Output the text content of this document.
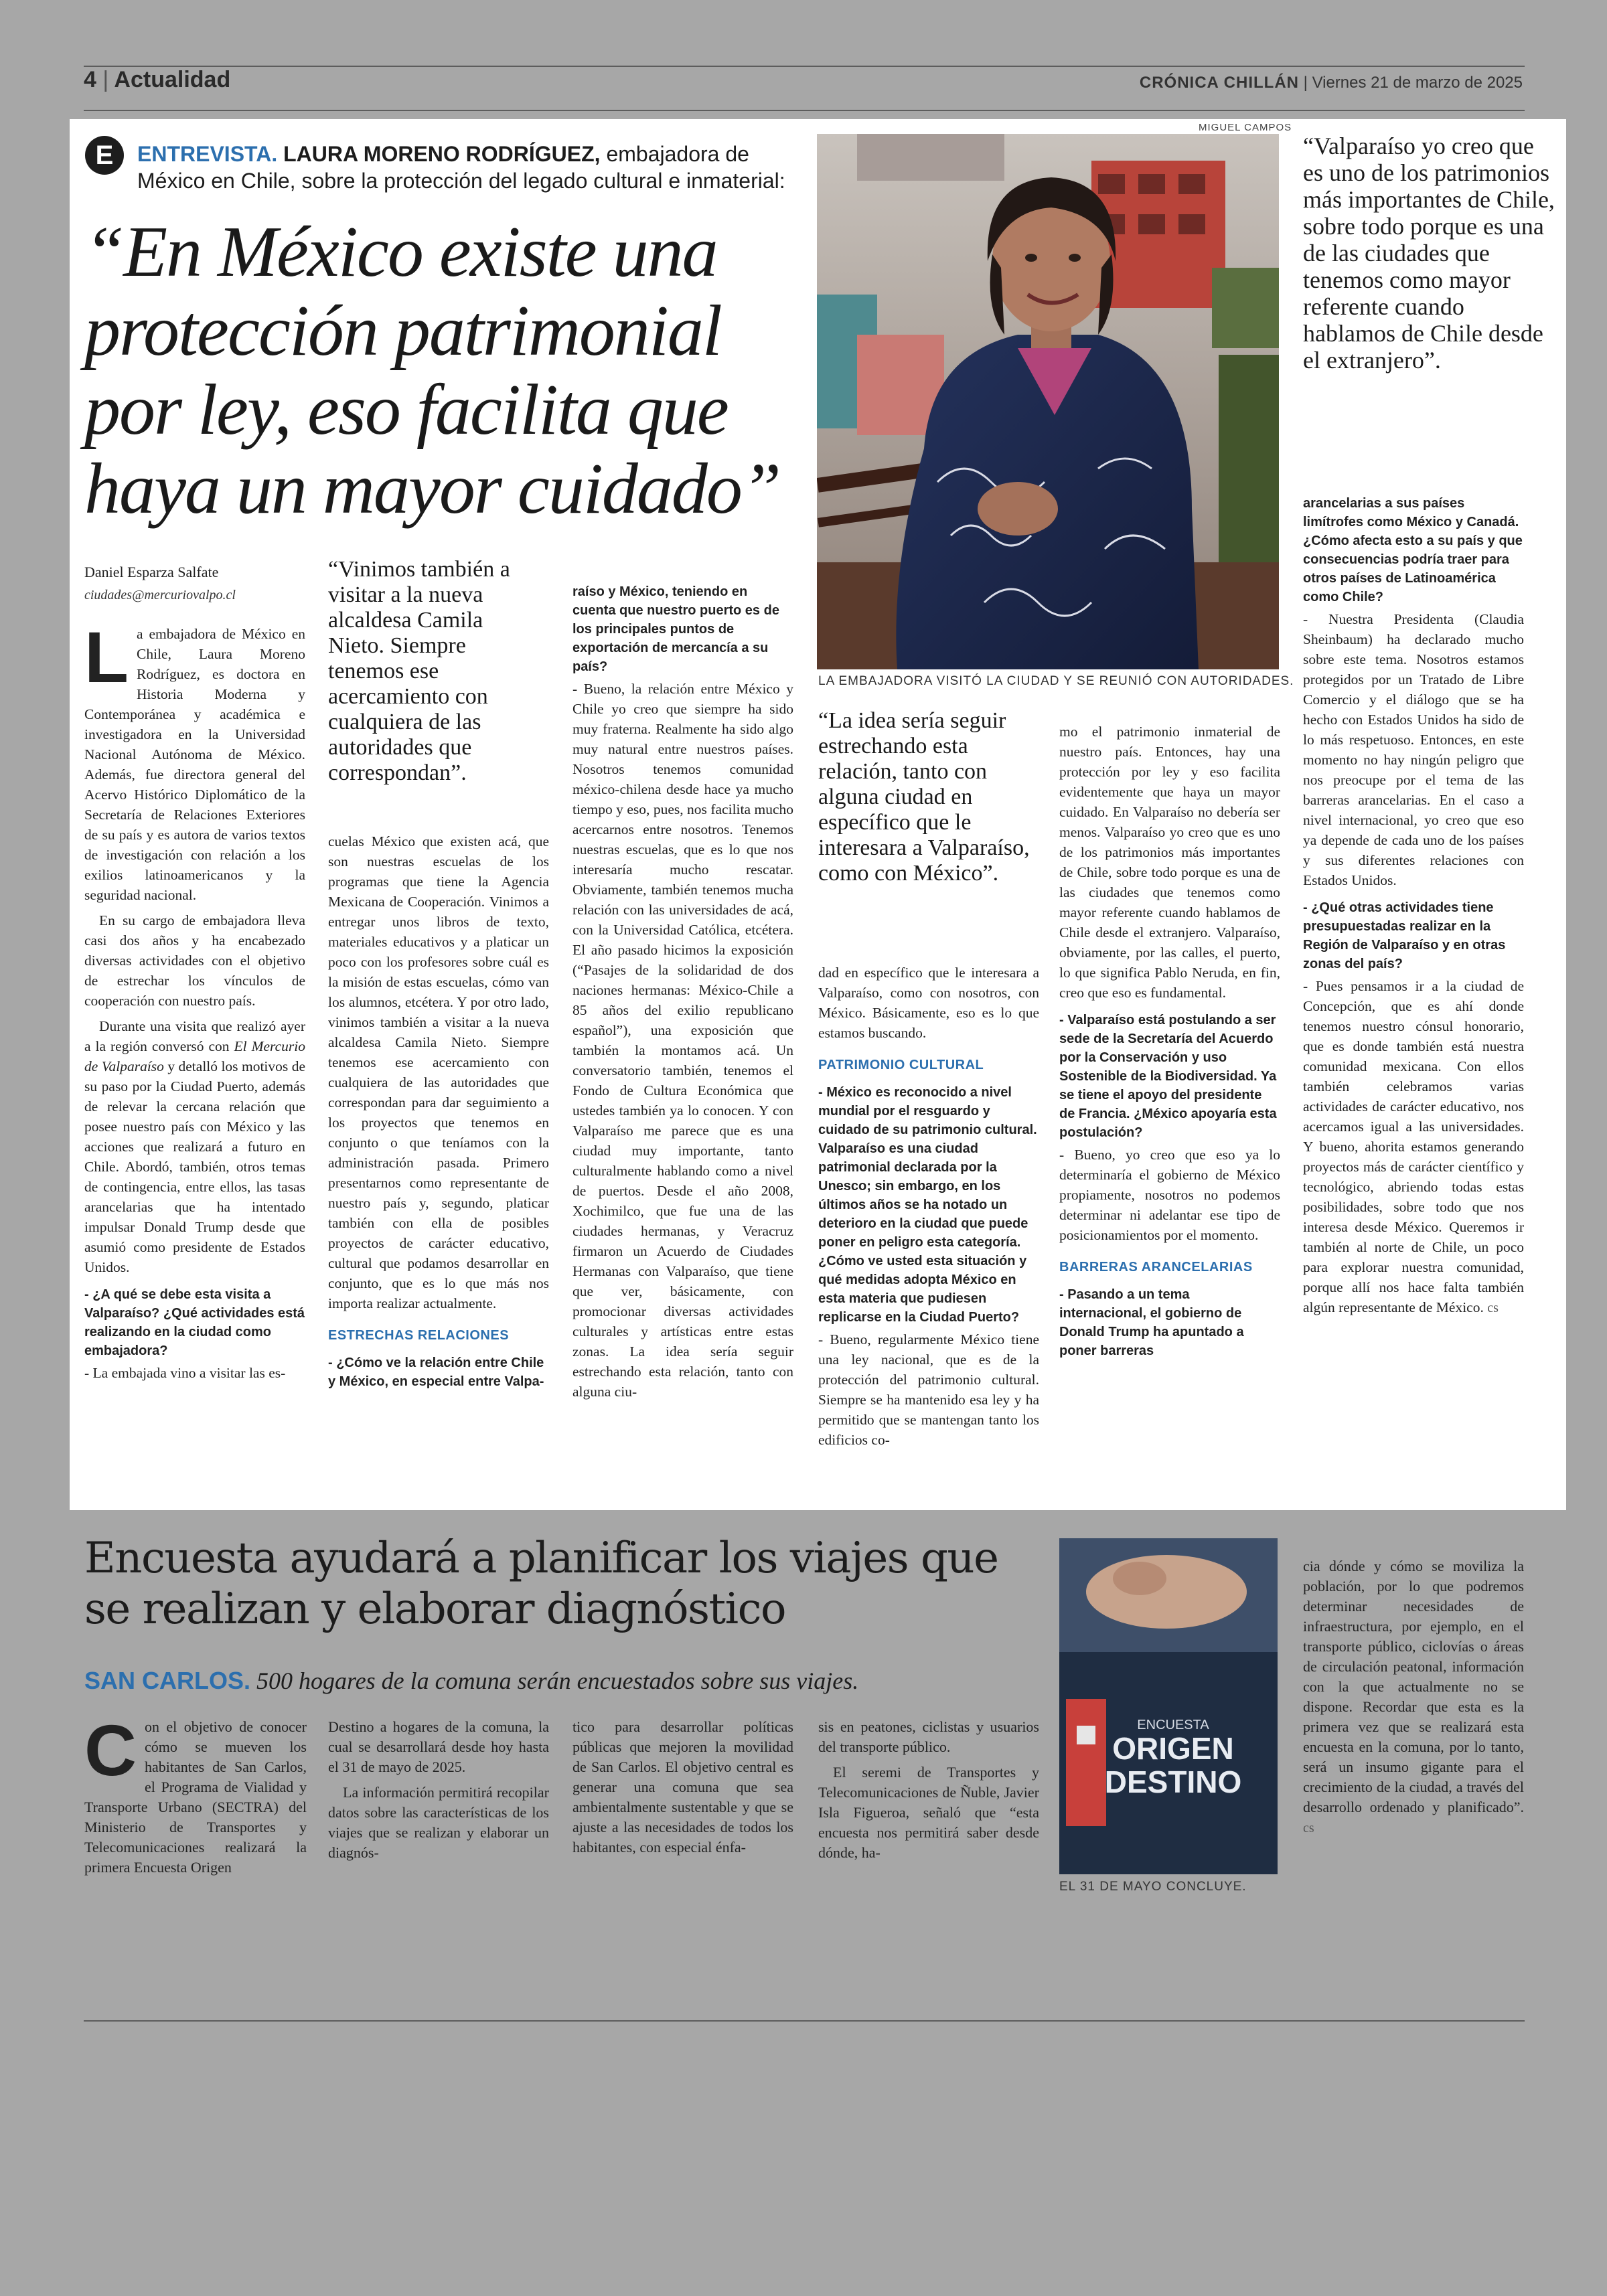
4 | Actualidad	CRÓNICA CHILLÁN | Viernes 21 de marzo de 2025
E	ENTREVISTA. LAURA MORENO RODRÍGUEZ, embajadora de México en Chile, sobre la protección del legado cultural e inmaterial:
“En México existe una protección patrimonial por ley, eso facilita que haya un mayor cuidado”
MIGUEL CAMPOS
LA EMBAJADORA VISITÓ LA CIUDAD Y SE REUNIÓ CON AUTORIDADES.
“Valparaíso yo creo que es uno de los patrimonios más importantes de Chile, sobre todo porque es una de las ciudades que tenemos como mayor referente cuando hablamos de Chile desde el extranjero”.
Daniel Esparza Salfate
ciudades@mercuriovalpo.cl

La embajadora de México en Chile, Laura Moreno Rodríguez, es doctora en Historia Moderna y Contemporánea y académica e investigadora en la Universidad Nacional Autónoma de México. Además, fue directora general del Acervo Histórico Diplomático de la Secretaría de Relaciones Exteriores de su país y es autora de varios textos de investigación con relación a los exilios latinoamericanos y la seguridad nacional.

En su cargo de embajadora lleva casi dos años y ha encabezado diversas actividades con el objetivo de estrechar los vínculos de cooperación con nuestro país.

Durante una visita que realizó ayer a la región conversó con El Mercurio de Valparaíso y detalló los motivos de su paso por la Ciudad Puerto, además de relevar la cercana relación que posee nuestro país con México y las acciones que realizará a futuro en Chile. Abordó, también, otros temas de contingencia, entre ellos, las tasas arancelarias que ha intentado impulsar Donald Trump desde que asumió como presidente de Estados Unidos.

- ¿A qué se debe esta visita a Valparaíso? ¿Qué actividades está realizando en la ciudad como embajadora?

- La embajada vino a visitar las es-

“Vinimos también a visitar a la nueva alcaldesa Camila Nieto. Siempre tenemos ese acercamiento con cualquiera de las autoridades que correspondan”.

cuelas México que existen acá, que son nuestras escuelas de los programas que tiene la Agencia Mexicana de Cooperación. Vinimos a entregar unos libros de texto, materiales educativos y a platicar un poco con los profesores sobre cuál es la misión de estas escuelas, cómo van los alumnos, etcétera. Y por otro lado, vinimos también a visitar a la nueva alcaldesa Camila Nieto. Siempre tenemos ese acercamiento con cualquiera de las autoridades que correspondan para dar seguimiento a los proyectos que tenemos en conjunto o que teníamos con la administración pasada. Primero presentarnos como representante de nuestro país y, segundo, platicar también con ella de posibles proyectos de carácter educativo, cultural que podamos desarrollar en conjunto, que es lo que más nos importa realizar actualmente.

ESTRECHAS RELACIONES

- ¿Cómo ve la relación entre Chile y México, en especial entre Valpa-

raíso y México, teniendo en cuenta que nuestro puerto es de los principales puntos de exportación de mercancía a su país?

- Bueno, la relación entre México y Chile yo creo que siempre ha sido muy fraterna. Realmente ha sido algo muy natural entre nuestros países. Nosotros tenemos comunidad méxico-chilena desde hace ya mucho tiempo y eso, pues, nos facilita mucho acercarnos entre nosotros. Tenemos nuestras escuelas, que es lo que nos interesaría mucho rescatar. Obviamente, también tenemos mucha relación con las universidades de acá, con la Universidad Católica, etcétera. El año pasado hicimos la exposición (“Pasajes de la solidaridad de dos naciones hermanas: México-Chile a 85 años del exilio republicano español”), una exposición que también la montamos acá. Un conversatorio también, tenemos el Fondo de Cultura Económica que ustedes también ya lo conocen. Y con Valparaíso me parece que es una ciudad muy importante, tanto culturalmente hablando como a nivel de puertos. Desde el año 2008, Xochimilco, que fue una de las ciudades hermanas, y Veracruz firmaron un Acuerdo de Ciudades Hermanas con Valparaíso, que tiene que ver, básicamente, con promocionar diversas actividades culturales y artísticas entre estas zonas. La idea sería seguir estrechando esta relación, tanto con alguna ciu-

“La idea sería seguir estrechando esta relación, tanto con alguna ciudad en específico que le interesara a Valparaíso, como con México”.

dad en específico que le interesara a Valparaíso, como con nosotros, con México. Básicamente, eso es lo que estamos buscando.

PATRIMONIO CULTURAL

- México es reconocido a nivel mundial por el resguardo y cuidado de su patrimonio cultural. Valparaíso es una ciudad patrimonial declarada por la Unesco; sin embargo, en los últimos años se ha notado un deterioro en la ciudad que puede poner en peligro esta categoría. ¿Cómo ve usted esta situación y qué medidas adopta México en esta materia que pudiesen replicarse en la Ciudad Puerto?

- Bueno, regularmente México tiene una ley nacional, que es de la protección del patrimonio cultural. Siempre se ha mantenido esa ley y ha permitido que se mantengan tanto los edificios co-

mo el patrimonio inmaterial de nuestro país. Entonces, hay una protección por ley y eso facilita evidentemente que haya un mayor cuidado. En Valparaíso no debería ser menos. Valparaíso yo creo que es uno de los patrimonios más importantes de Chile, sobre todo porque es una de las ciudades que tenemos como mayor referente cuando hablamos de Chile desde el extranjero. Valparaíso, obviamente, por las calles, el puerto, lo que significa Pablo Neruda, en fin, creo que eso es fundamental.

- Valparaíso está postulando a ser sede de la Secretaría del Acuerdo por la Conservación y uso Sostenible de la Biodiversidad. Ya se tiene el apoyo del presidente de Francia. ¿México apoyaría esta postulación?

- Bueno, yo creo que eso ya lo determinaría el gobierno de México propiamente, nosotros no podemos determinar ni adelantar ese tipo de posicionamientos por el momento.

BARRERAS ARANCELARIAS

- Pasando a un tema internacional, el gobierno de Donald Trump ha apuntado a poner barreras

arancelarias a sus países limítrofes como México y Canadá. ¿Cómo afecta esto a su país y que consecuencias podría traer para otros países de Latinoamérica como Chile?

- Nuestra Presidenta (Claudia Sheinbaum) ha declarado mucho sobre este tema. Nosotros estamos protegidos por un Tratado de Libre Comercio y el diálogo que se ha hecho con Estados Unidos ha sido de lo más respetuoso. Entonces, en este momento no hay ningún peligro que nos preocupe por el tema de las barreras arancelarias. En el caso a nivel internacional, yo creo que eso ya depende de cada uno de los países y sus diferentes relaciones con Estados Unidos.

- ¿Qué otras actividades tiene presupuestadas realizar en la Región de Valparaíso y en otras zonas del país?

- Pues pensamos ir a la ciudad de Concepción, que es ahí donde tenemos nuestro cónsul honorario, que es donde también está nuestra comunidad mexicana. Con ellos también celebramos varias actividades de carácter educativo, nos acercamos igual a las universidades. Y bueno, ahorita estamos generando proyectos más de carácter científico y tecnológico, abriendo todas estas posibilidades, sobre todo que nos interesa desde México. Queremos ir también al norte de Chile, un poco para explorar nuestra comunidad, porque allí nos hace falta también algún representante de México. cs

Encuesta ayudará a planificar los viajes que se realizan y elaborar diagnóstico
SAN CARLOS. 500 hogares de la comuna serán encuestados sobre sus viajes.

Con el objetivo de conocer cómo se mueven los habitantes de San Carlos, el Programa de Vialidad y Transporte Urbano (SECTRA) del Ministerio de Transportes y Telecomunicaciones realizará la primera Encuesta Origen

Destino a hogares de la comuna, la cual se desarrollará desde hoy hasta el 31 de mayo de 2025.

La información permitirá recopilar datos sobre las características de los viajes que se realizan y elaborar un diagnós-

tico para desarrollar políticas públicas que mejoren la movilidad de San Carlos. El objetivo central es generar una comuna que sea ambientalmente sustentable y que se ajuste a las necesidades de todos los habitantes, con especial énfa-

sis en peatones, ciclistas y usuarios del transporte público.

El seremi de Transportes y Telecomunicaciones de Ñuble, Javier Isla Figueroa, señaló que “esta encuesta nos permitirá saber desde dónde, ha-

ENCUESTA
ORIGEN
DESTINO
EL 31 DE MAYO CONCLUYE.

cia dónde y cómo se moviliza la población, por lo que podremos determinar necesidades de infraestructura, por ejemplo, en el transporte público, ciclovías o áreas de circulación peatonal, información con la que actualmente no se dispone. Recordar que esta es la primera vez que se realizará esta encuesta en la comuna, por lo tanto, será un insumo gigante para el crecimiento de la ciudad, a través del desarrollo ordenado y planificado”. cs
